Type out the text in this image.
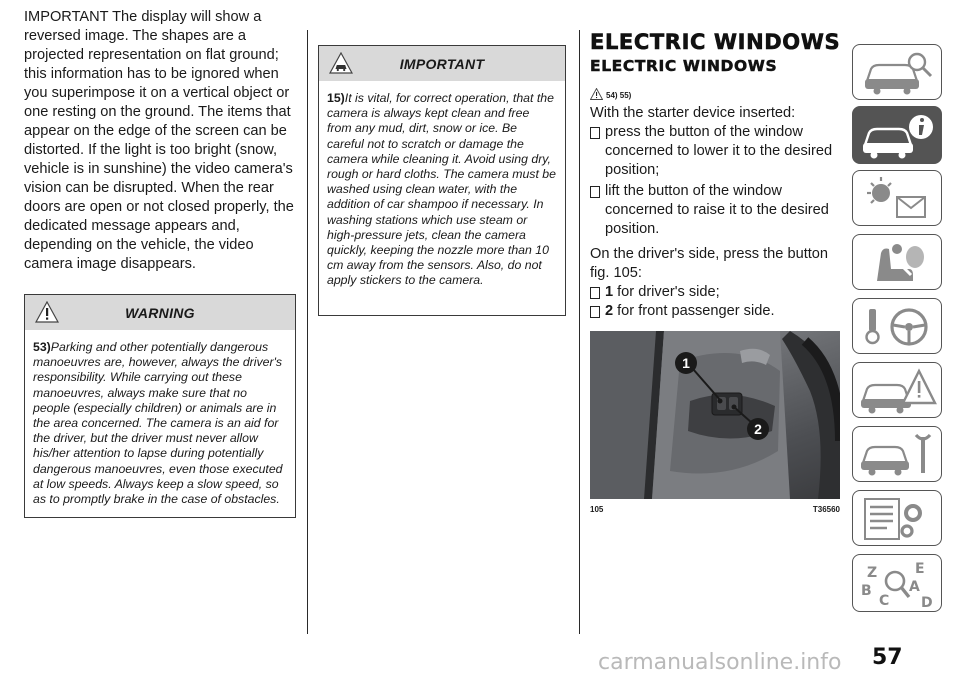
IMPORTANT The display will show a reversed image. The shapes are a projected representation on flat ground; this information has to be ignored when you superimpose it on a vertical object or one resting on the ground. The items that appear on the edge of the screen can be distorted. If the light is too bright (snow, vehicle is in sunshine) the video camera's vision can be disrupted. When the rear doors are open or not closed properly, the dedicated message appears and, depending on the vehicle, the video camera image disappears.

WARNING
53)Parking and other potentially dangerous manoeuvres are, however, always the driver's responsibility. While carrying out these manoeuvres, always make sure that no people (especially children) or animals are in the area concerned. The camera is an aid for the driver, but the driver must never allow his/her attention to lapse during potentially dangerous manoeuvres, even those executed at low speeds. Always keep a slow speed, so as to promptly brake in the case of obstacles.
IMPORTANT
15)It is vital, for correct operation, that the camera is always kept clean and free from any mud, dirt, snow or ice. Be careful not to scratch or damage the camera while cleaning it. Avoid using dry, rough or hard cloths. The camera must be washed using clean water, with the addition of car shampoo if necessary. In washing stations which use steam or high-pressure jets, clean the camera quickly, keeping the nozzle more than 10 cm away from the sensors. Also, do not apply stickers to the camera.
ELECTRIC WINDOWS
ELECTRIC WINDOWS
54) 55)

With the starter device inserted:

press the button of the window concerned to lower it to the desired position;
lift the button of the window concerned to raise it to the desired position.

On the driver's side, press the button fig. 105:

1 for driver's side;
2 for front passenger side.
1
2
105	T36560
Z	E
B	A
D
C
57
carmanualsonline.info
